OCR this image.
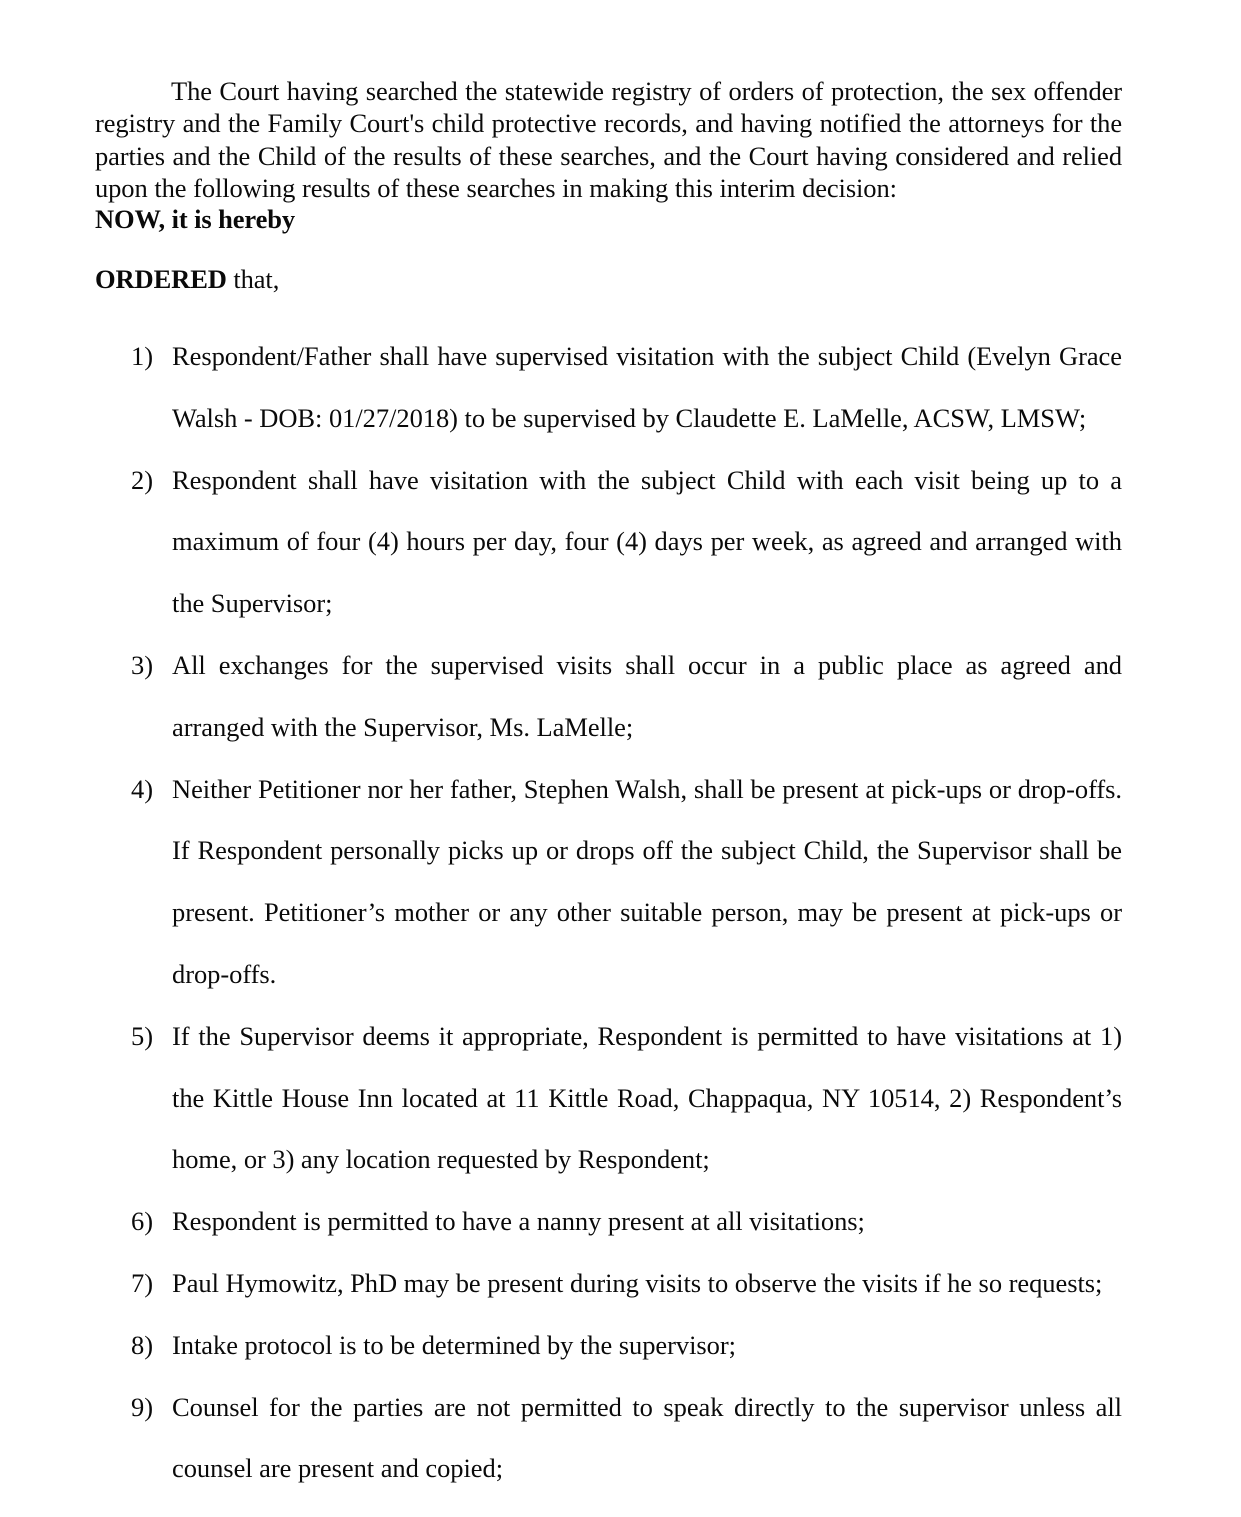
The Court having searched the statewide registry of orders of protection, the sex offender registry and the Family Court's child protective records, and having notified the attorneys for the parties and the Child of the results of these searches, and the Court having considered and relied upon the following results of these searches in making this interim decision:

NOW, it is hereby
ORDERED that,
1) Respondent/Father shall have supervised visitation with the subject Child (Evelyn Grace Walsh - DOB: 01/27/2018) to be supervised by Claudette E. LaMelle, ACSW, LMSW;
2) Respondent shall have visitation with the subject Child with each visit being up to a maximum of four (4) hours per day, four (4) days per week, as agreed and arranged with the Supervisor;
3) All exchanges for the supervised visits shall occur in a public place as agreed and arranged with the Supervisor, Ms. LaMelle;
4) Neither Petitioner nor her father, Stephen Walsh, shall be present at pick-ups or drop-offs. If Respondent personally picks up or drops off the subject Child, the Supervisor shall be present. Petitioner’s mother or any other suitable person, may be present at pick-ups or drop-offs.
5) If the Supervisor deems it appropriate, Respondent is permitted to have visitations at 1) the Kittle House Inn located at 11 Kittle Road, Chappaqua, NY 10514, 2) Respondent’s home, or 3) any location requested by Respondent;
6) Respondent is permitted to have a nanny present at all visitations;
7) Paul Hymowitz, PhD may be present during visits to observe the visits if he so requests;
8) Intake protocol is to be determined by the supervisor;
9) Counsel for the parties are not permitted to speak directly to the supervisor unless all counsel are present and copied;
